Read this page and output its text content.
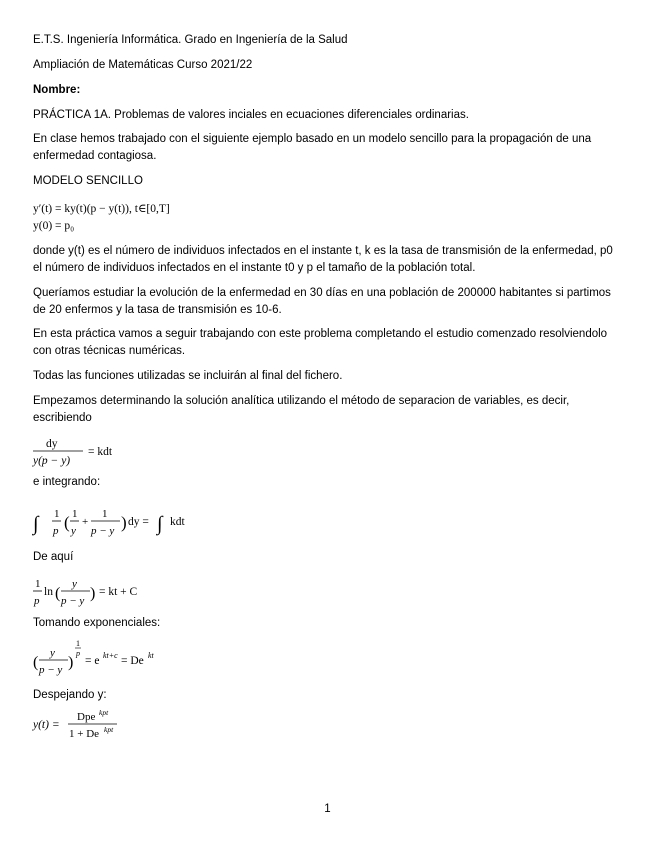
E.T.S. Ingeniería Informática. Grado en Ingeniería de la Salud

Ampliación de Matemáticas Curso 2021/22

Nombre:

PRÁCTICA 1A. Problemas de valores inciales en ecuaciones diferenciales ordinarias.

En clase hemos trabajado con el siguiente ejemplo basado en un modelo sencillo para la propagación de una enfermedad contagiosa.

MODELO SENCILLO

y′(t) = ky(t)(p − y(t)), t∈[0,T]
y(0) = p₀

donde y(t) es el número de individuos infectados en el instante t, k es la tasa de transmisión de la enfermedad, p0 el número de individuos infectados en el instante t0 y p el tamaño de la población total.

Queríamos estudiar la evolución de la enfermedad en 30 días en una población de 200000 habitantes si partimos de 20 enfermos y la tasa de transmisión es 10-6.

En esta práctica vamos a seguir trabajando con este problema completando el estudio comenzado resolviendolo con otras técnicas numéricas.

Todas las funciones utilizadas se incluirán al final del fichero.

Empezamos determinando la solución analítica utilizando el método de separacion de variables, es decir, escribiendo

dy
y(p − y)
= kdt

e integrando:

∫ 1
p ( 1
y
+
1
p − y ) dy = ∫ kdt

De aquí

1
p
ln (
y
p − y ) = kt + C

Tomando exponenciales:

(
y
p − y )
1
p
= e kt+c = De kt

Despejando y:

y(t) =
Dpe kpt
1 + De kpt
1
